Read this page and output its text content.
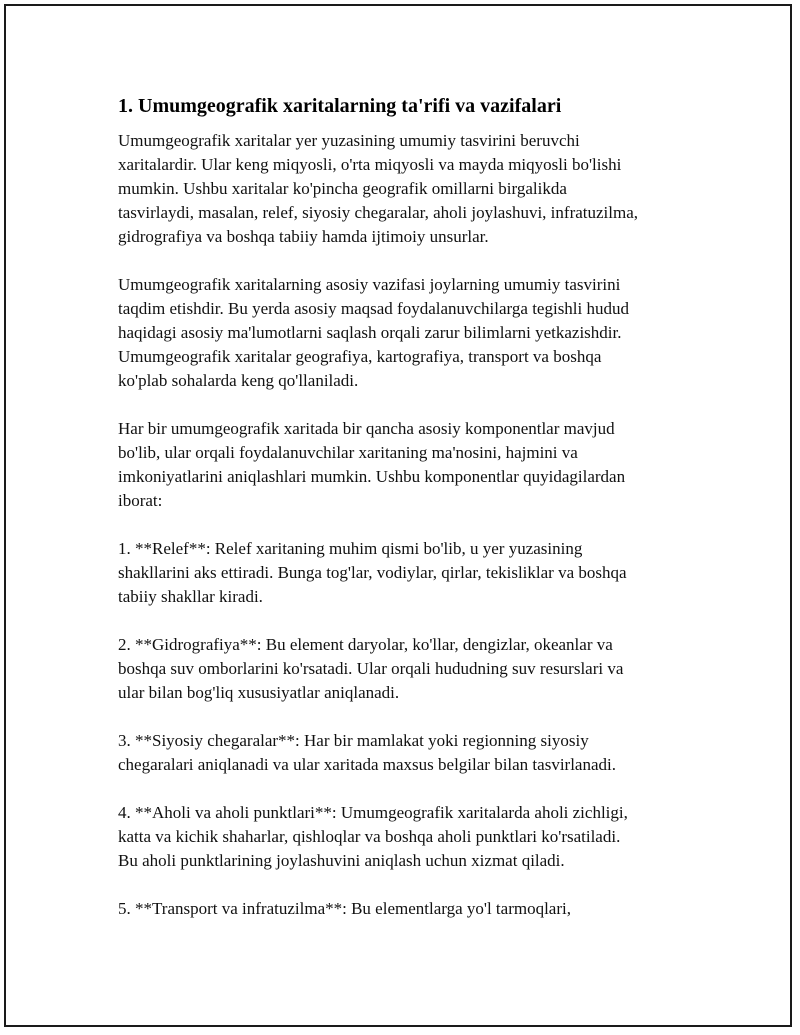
1. Umumgeografik xaritalarning ta'rifi va vazifalari
Umumgeografik xaritalar yer yuzasining umumiy tasvirini beruvchi
xaritalardir. Ular keng miqyosli, o'rta miqyosli va mayda miqyosli bo'lishi
mumkin. Ushbu xaritalar ko'pincha geografik omillarni birgalikda
tasvirlaydi, masalan, relef, siyosiy chegaralar, aholi joylashuvi, infratuzilma,
gidrografiya va boshqa tabiiy hamda ijtimoiy unsurlar.
Umumgeografik xaritalarning asosiy vazifasi joylarning umumiy tasvirini
taqdim etishdir. Bu yerda asosiy maqsad foydalanuvchilarga tegishli hudud
haqidagi asosiy ma'lumotlarni saqlash orqali zarur bilimlarni yetkazishdir.
Umumgeografik xaritalar geografiya, kartografiya, transport va boshqa
ko'plab sohalarda keng qo'llaniladi.
Har bir umumgeografik xaritada bir qancha asosiy komponentlar mavjud
bo'lib, ular orqali foydalanuvchilar xaritaning ma'nosini, hajmini va
imkoniyatlarini aniqlashlari mumkin. Ushbu komponentlar quyidagilardan
iborat:
1. **Relef**: Relef xaritaning muhim qismi bo'lib, u yer yuzasining
shakllarini aks ettiradi. Bunga tog'lar, vodiylar, qirlar, tekisliklar va boshqa
tabiiy shakllar kiradi.
2. **Gidrografiya**: Bu element daryolar, ko'llar, dengizlar, okeanlar va
boshqa suv omborlarini ko'rsatadi. Ular orqali hududning suv resurslari va
ular bilan bog'liq xususiyatlar aniqlanadi.
3. **Siyosiy chegaralar**: Har bir mamlakat yoki regionning siyosiy
chegaralari aniqlanadi va ular xaritada maxsus belgilar bilan tasvirlanadi.
4. **Aholi va aholi punktlari**: Umumgeografik xaritalarda aholi zichligi,
katta va kichik shaharlar, qishloqlar va boshqa aholi punktlari ko'rsatiladi.
Bu aholi punktlarining joylashuvini aniqlash uchun xizmat qiladi.
5. **Transport va infratuzilma**: Bu elementlarga yo'l tarmoqlari,
